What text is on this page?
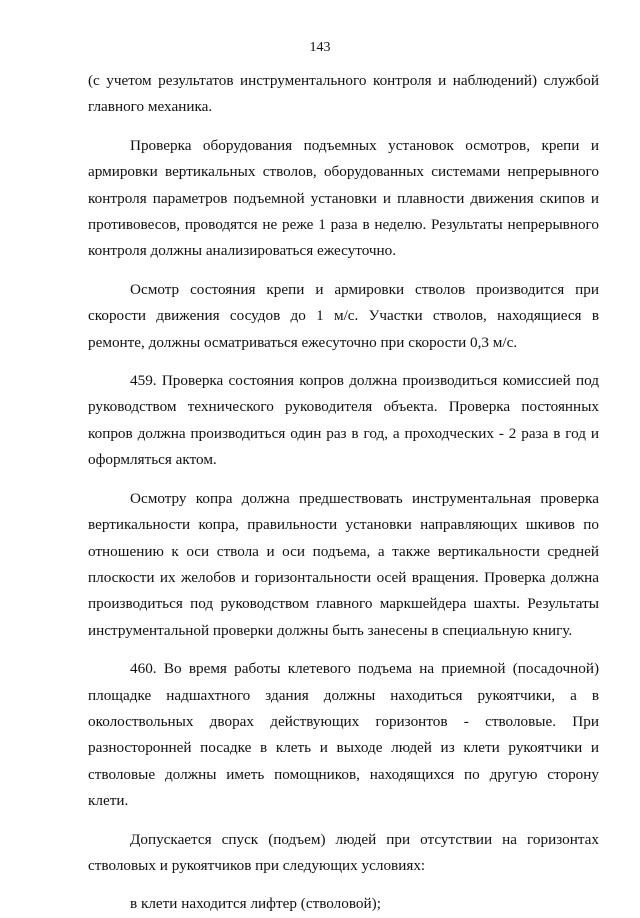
143

(с учетом результатов инструментального контроля и наблюдений) службой главного механика.

Проверка оборудования подъемных установок осмотров, крепи и армировки вертикальных стволов, оборудованных системами непрерывного контроля параметров подъемной установки и плавности движения скипов и противовесов, проводятся не реже 1 раза в неделю. Результаты непрерывного контроля должны анализироваться ежесуточно.

Осмотр состояния крепи и армировки стволов производится при скорости движения сосудов до 1 м/с. Участки стволов, находящиеся в ремонте, должны осматриваться ежесуточно при скорости 0,3 м/с.

459. Проверка состояния копров должна производиться комиссией под руководством технического руководителя объекта. Проверка постоянных копров должна производиться один раз в год, а проходческих - 2 раза в год и оформляться актом.

Осмотру копра должна предшествовать инструментальная проверка вертикальности копра, правильности установки направляющих шкивов по отношению к оси ствола и оси подъема, а также вертикальности средней плоскости их желобов и горизонтальности осей вращения. Проверка должна производиться под руководством главного маркшейдера шахты. Результаты инструментальной проверки должны быть занесены в специальную книгу.

460. Во время работы клетевого подъема на приемной (посадочной) площадке надшахтного здания должны находиться рукоятчики, а в околоствольных дворах действующих горизонтов - стволовые. При разносторонней посадке в клеть и выходе людей из клети рукоятчики и стволовые должны иметь помощников, находящихся по другую сторону клети.

Допускается спуск (подъем) людей при отсутствии на горизонтах стволовых и рукоятчиков при следующих условиях:

в клети находится лифтер (стволовой);
